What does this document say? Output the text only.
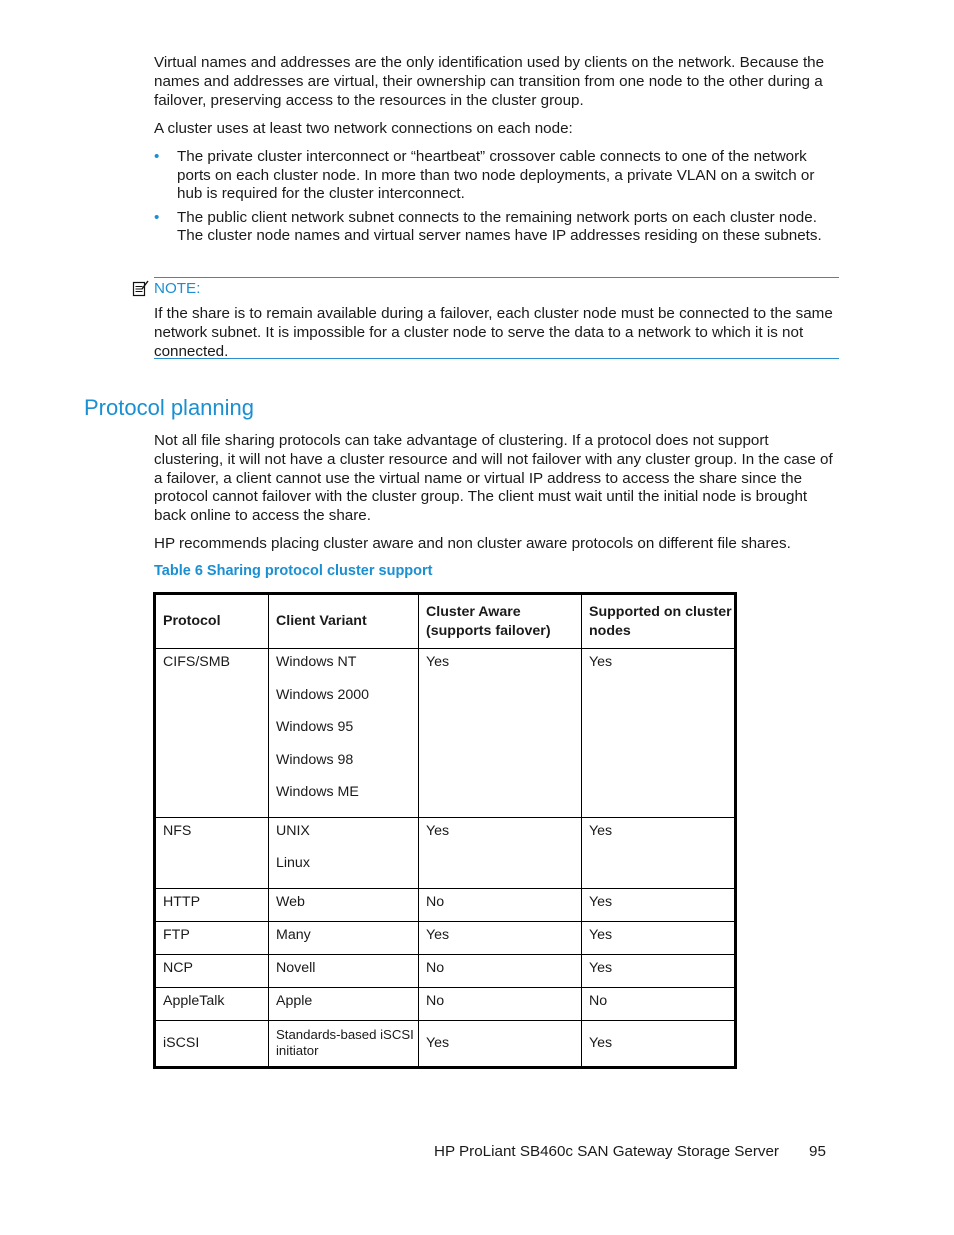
Virtual names and addresses are the only identification used by clients on the network. Because the names and addresses are virtual, their ownership can transition from one node to the other during a failover, preserving access to the resources in the cluster group.

A cluster uses at least two network connections on each node:

• The private cluster interconnect or “heartbeat” crossover cable connects to one of the network ports on each cluster node. In more than two node deployments, a private VLAN on a switch or hub is required for the cluster interconnect.
• The public client network subnet connects to the remaining network ports on each cluster node. The cluster node names and virtual server names have IP addresses residing on these subnets.
NOTE:

If the share is to remain available during a failover, each cluster node must be connected to the same network subnet. It is impossible for a cluster node to serve the data to a network to which it is not connected.

Protocol planning

Not all file sharing protocols can take advantage of clustering. If a protocol does not support clustering, it will not have a cluster resource and will not failover with any cluster group. In the case of a failover, a client cannot use the virtual name or virtual IP address to access the share since the protocol cannot failover with the cluster group. The client must wait until the initial node is brought back online to access the share.

HP recommends placing cluster aware and non cluster aware protocols on different file shares.

Table 6 Sharing protocol cluster support

Protocol	Client Variant	Cluster Aware (supports failover)	Supported on cluster nodes
CIFS/SMB	Windows NT
Windows 2000
Windows 95
Windows 98
Windows ME	Yes	Yes
NFS	UNIX
Linux	Yes	Yes
HTTP	Web	No	Yes
FTP	Many	Yes	Yes
NCP	Novell	No	Yes
AppleTalk	Apple	No	No
iSCSI	Standards-based iSCSI initiator	Yes	Yes
HP ProLiant SB460c SAN Gateway Storage Server 95
